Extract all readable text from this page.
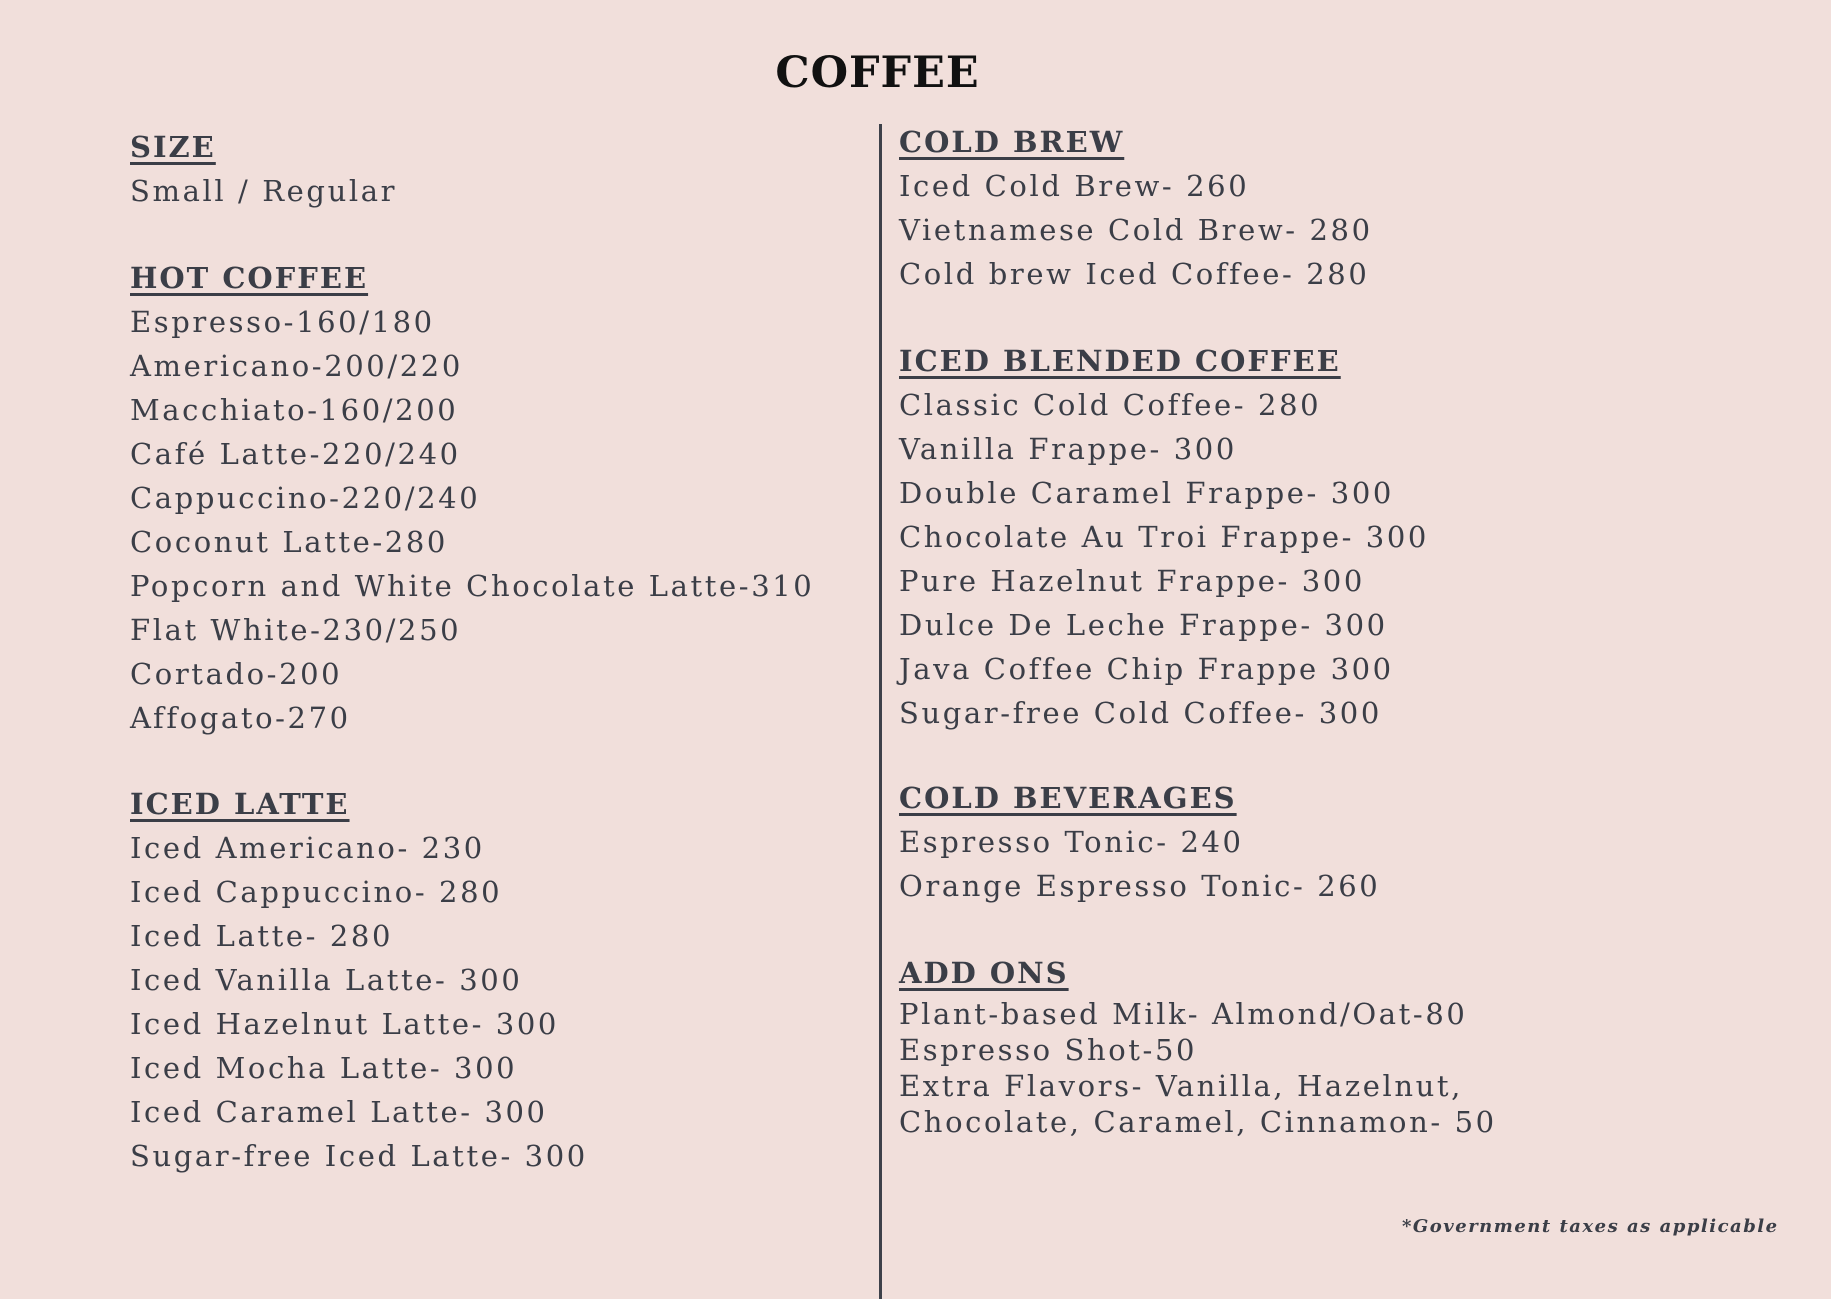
COFFEE
SIZE
Small / Regular
HOT COFFEE
Espresso-160/180
Americano-200/220
Macchiato-160/200
Café Latte-220/240
Cappuccino-220/240
Coconut Latte-280
Popcorn and White Chocolate Latte-310
Flat White-230/250
Cortado-200
Affogato-270
ICED LATTE
Iced Americano- 230
Iced Cappuccino- 280
Iced Latte- 280
Iced Vanilla Latte- 300
Iced Hazelnut Latte- 300
Iced Mocha Latte- 300
Iced Caramel Latte- 300
Sugar-free Iced Latte- 300
COLD BREW
Iced Cold Brew- 260
Vietnamese Cold Brew- 280
Cold brew Iced Coffee- 280
ICED BLENDED COFFEE
Classic Cold Coffee- 280
Vanilla Frappe- 300
Double Caramel Frappe- 300
Chocolate Au Troi Frappe- 300
Pure Hazelnut Frappe- 300
Dulce De Leche Frappe- 300
Java Coffee Chip Frappe 300
Sugar-free Cold Coffee- 300
COLD BEVERAGES
Espresso Tonic- 240
Orange Espresso Tonic- 260
ADD ONS
Plant-based Milk- Almond/Oat-80
Espresso Shot-50
Extra Flavors- Vanilla, Hazelnut,
Chocolate, Caramel, Cinnamon- 50
*Government taxes as applicable
